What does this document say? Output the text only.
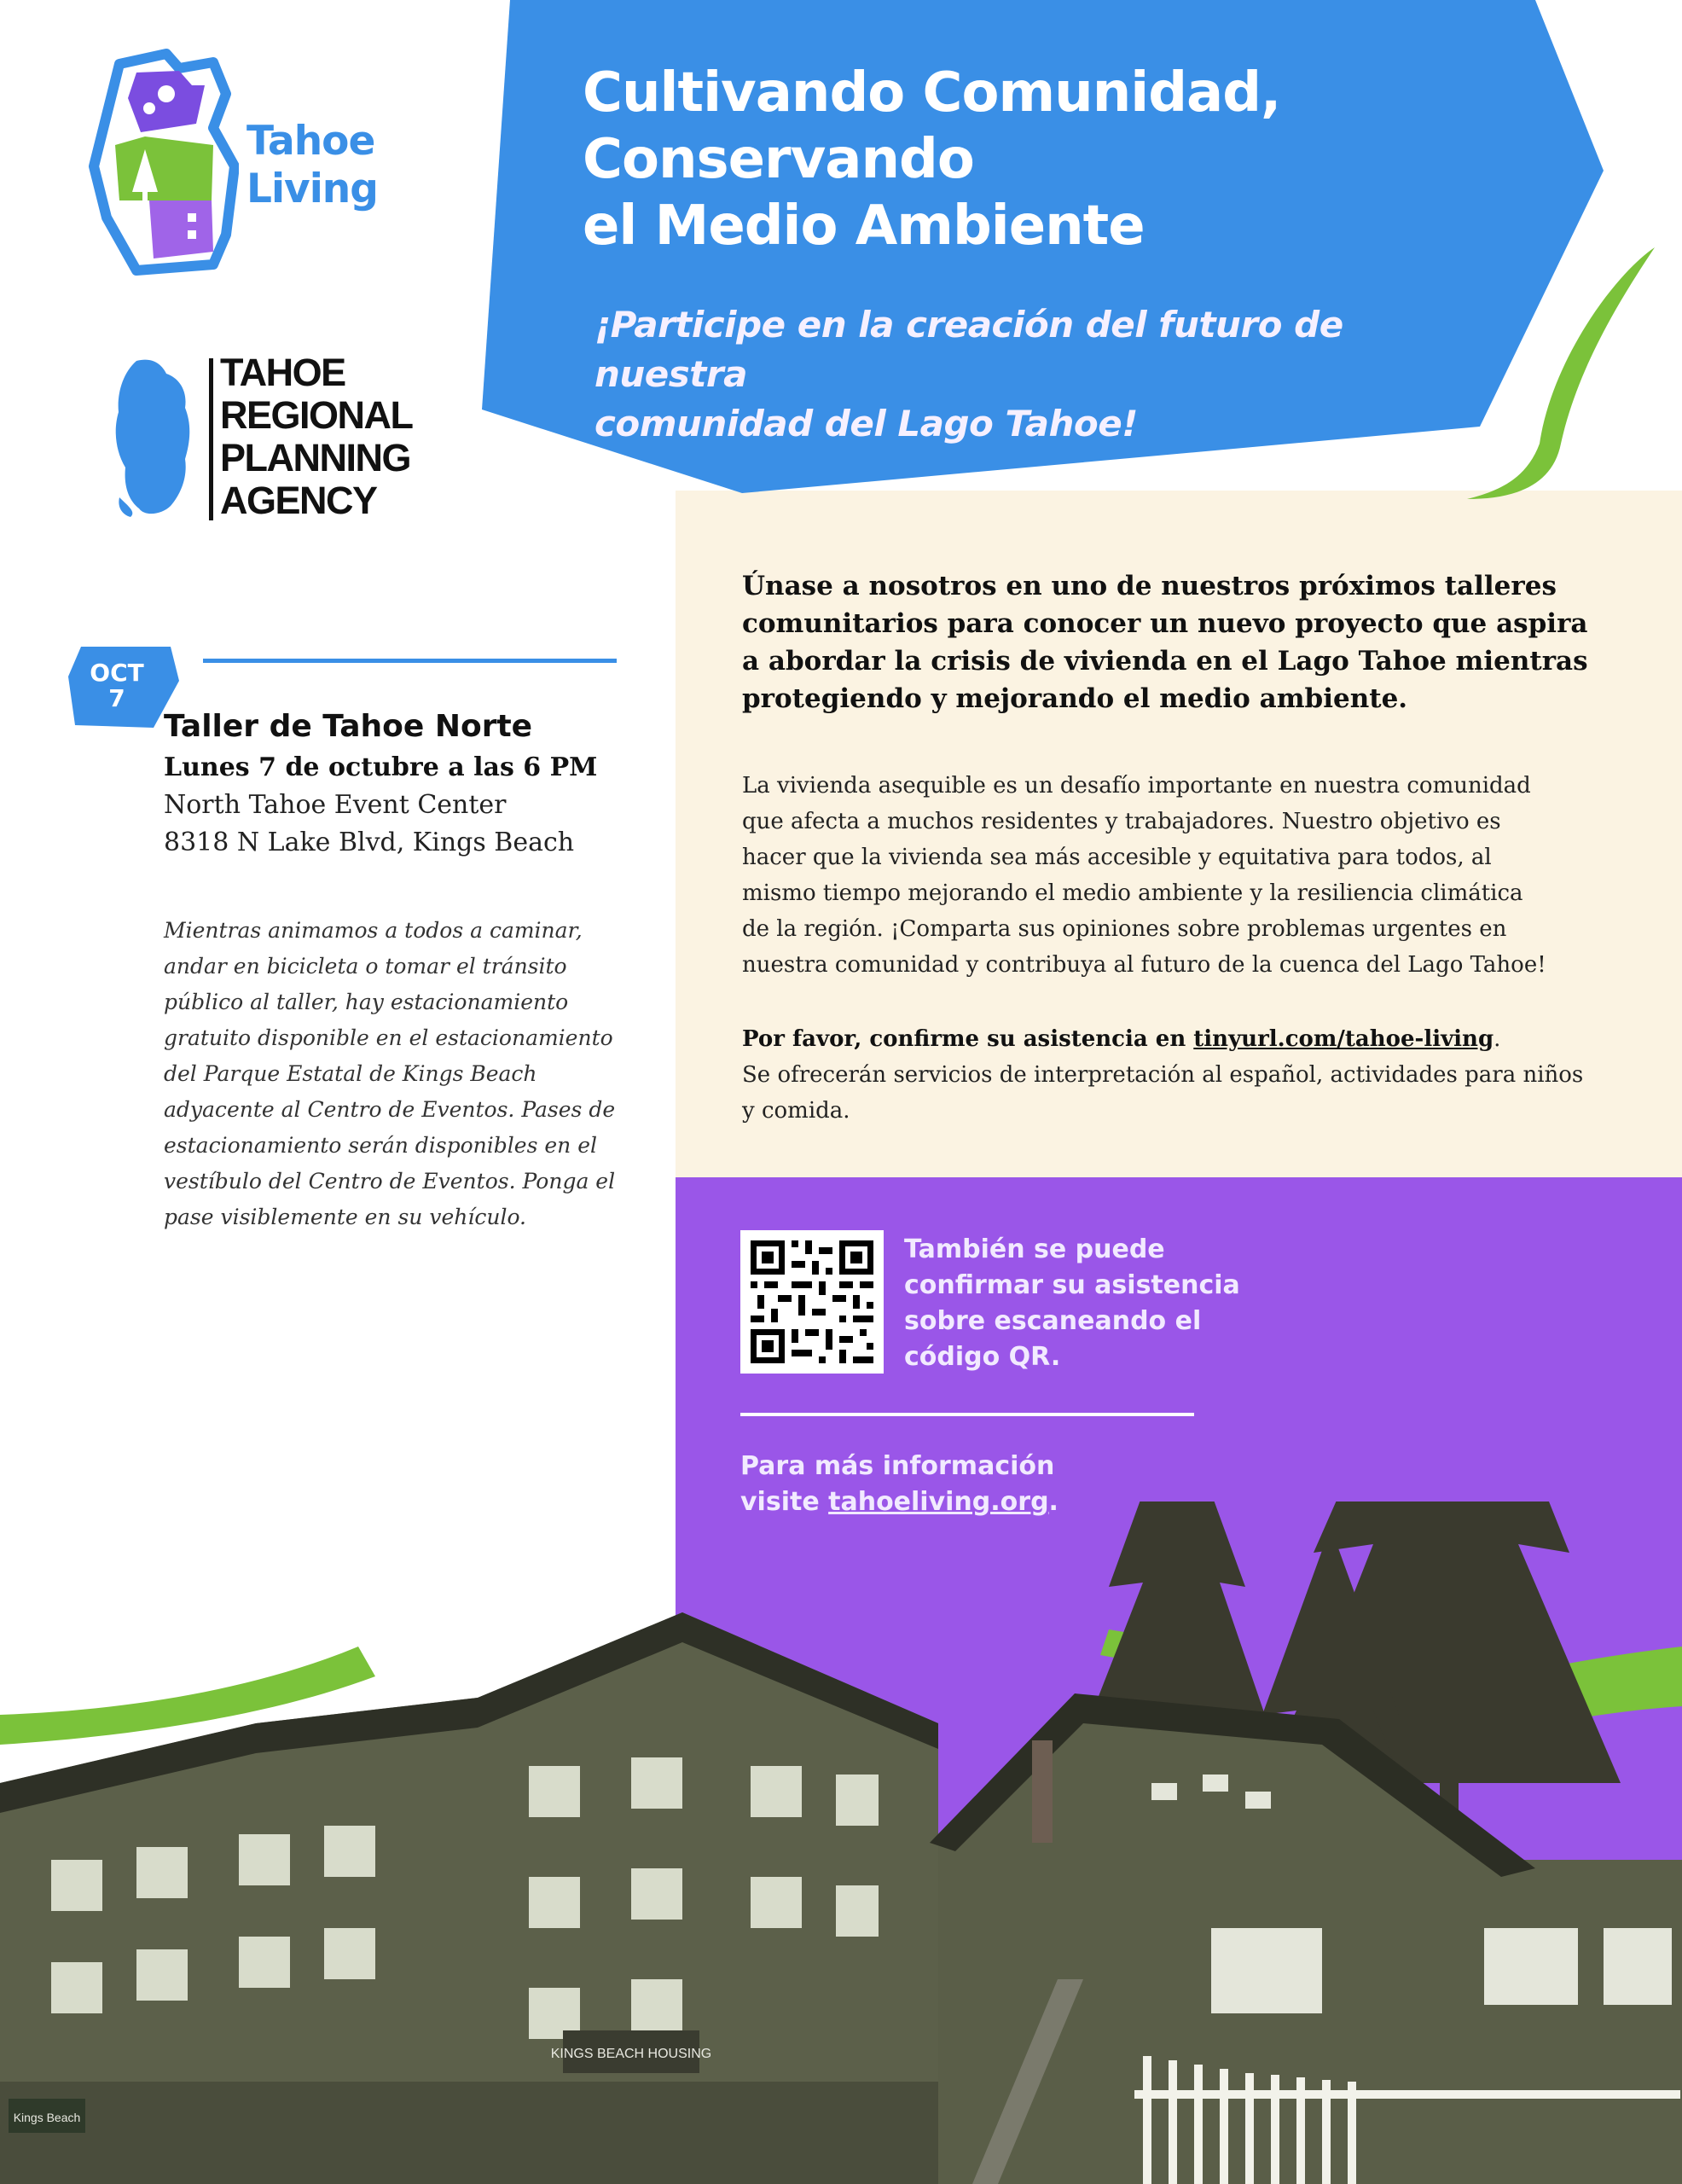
Cultivando Comunidad,
Conservando
el Medio Ambiente

¡Participe en la creación del futuro de nuestra
comunidad del Lago Tahoe!

Tahoe
Living
TAHOE
REGIONAL
PLANNING
AGENCY
OCT
7
Taller de Tahoe Norte
Lunes 7 de octubre a las 6 PM
North Tahoe Event Center
8318 N Lake Blvd, Kings Beach

Mientras animamos a todos a caminar,
andar en bicicleta o tomar el tránsito
público al taller, hay estacionamiento
gratuito disponible en el estacionamiento
del Parque Estatal de Kings Beach
adyacente al Centro de Eventos. Pases de
estacionamiento serán disponibles en el
vestíbulo del Centro de Eventos. Ponga el
pase visiblemente en su vehículo.

Únase a nosotros en uno de nuestros próximos talleres
comunitarios para conocer un nuevo proyecto que aspira
a abordar la crisis de vivienda en el Lago Tahoe mientras
protegiendo y mejorando el medio ambiente.

La vivienda asequible es un desafío importante en nuestra comunidad
que afecta a muchos residentes y trabajadores. Nuestro objetivo es
hacer que la vivienda sea más accesible y equitativa para todos, al
mismo tiempo mejorando el medio ambiente y la resiliencia climática
de la región. ¡Comparta sus opiniones sobre problemas urgentes en
nuestra comunidad y contribuya al futuro de la cuenca del Lago Tahoe!

Por favor, confirme su asistencia en tinyurl.com/tahoe-living.
Se ofrecerán servicios de interpretación al español, actividades para niños
y comida.

También se puede
confirmar su asistencia
sobre escaneando el
código QR.
Para más información
visite tahoeliving.org.
KINGS BEACH HOUSING
Kings Beach
